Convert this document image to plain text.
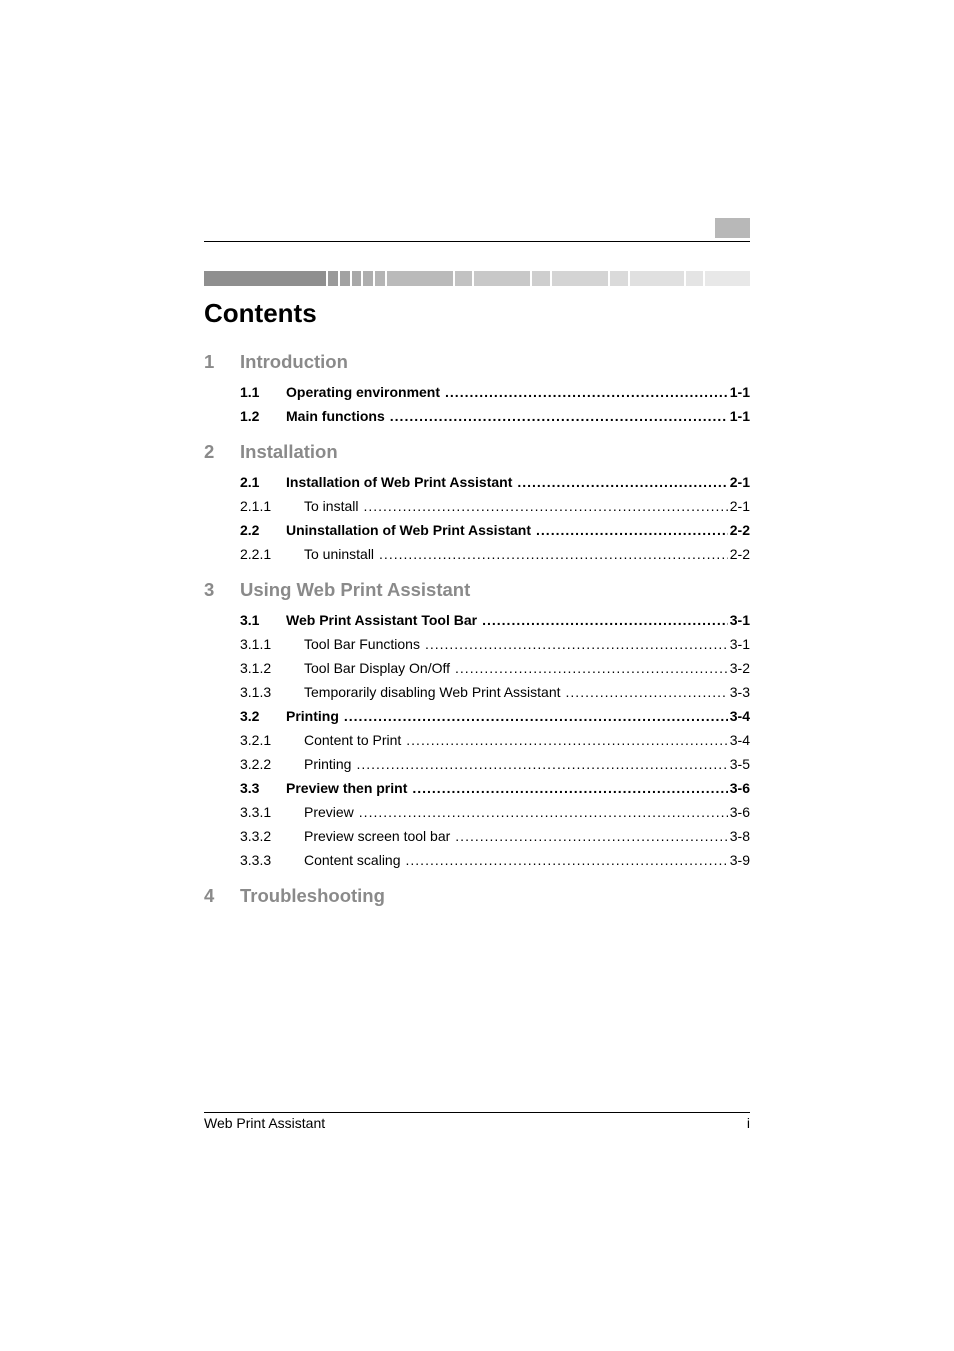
Contents
1 Introduction
1.1 Operating environment .....	1-1
1.2 Main functions .....	1-1
2 Installation
2.1 Installation of Web Print Assistant .....	2-1
2.1.1 To install .....	2-1
2.2 Uninstallation of Web Print Assistant .....	2-2
2.2.1 To uninstall .....	2-2
3 Using Web Print Assistant
3.1 Web Print Assistant Tool Bar .....	3-1
3.1.1 Tool Bar Functions .....	3-1
3.1.2 Tool Bar Display On/Off .....	3-2
3.1.3 Temporarily disabling Web Print Assistant .....	3-3
3.2 Printing .....	3-4
3.2.1 Content to Print .....	3-4
3.2.2 Printing .....	3-5
3.3 Preview then print .....	3-6
3.3.1 Preview .....	3-6
3.3.2 Preview screen tool bar .....	3-8
3.3.3 Content scaling .....	3-9
4 Troubleshooting
Web Print Assistant	i
